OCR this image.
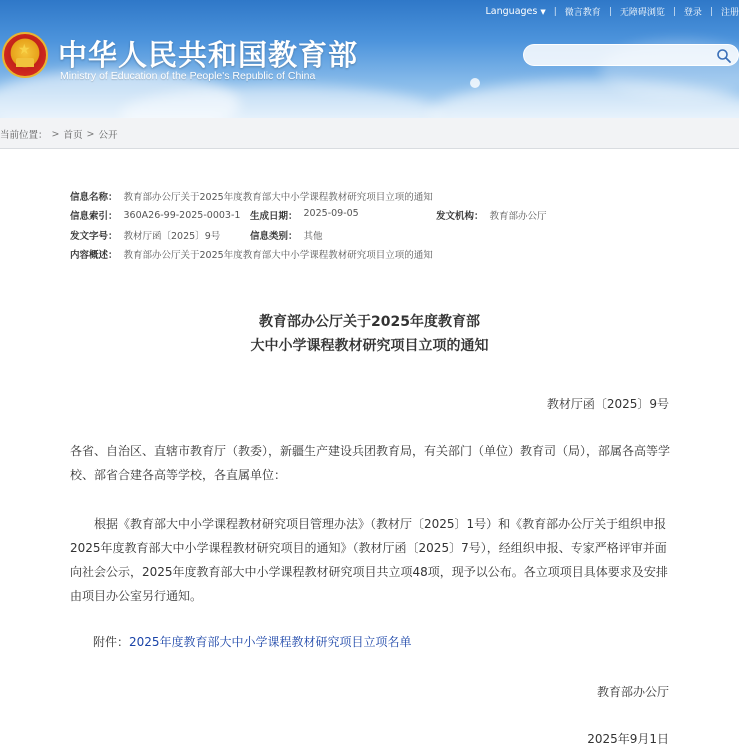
Languages ▼ | 微言教育 | 无障碍浏览 | 登录 | 注册
★ 中华人民共和国教育部
Ministry of Education of the People's Republic of China
当前位置： > 首页 > 公开
信息名称： 教育部办公厅关于2025年度教育部大中小学课程教材研究项目立项的通知
信息索引： 360A26-99-2025-0003-1 生成日期： 2025-09-05	发文机构： 教育部办公厅
发文字号： 教材厅函〔2025〕9号	信息类别： 其他
内容概述： 教育部办公厅关于2025年度教育部大中小学课程教材研究项目立项的通知
教育部办公厅关于2025年度教育部
大中小学课程教材研究项目立项的通知
教材厅函〔2025〕9号
各省、自治区、直辖市教育厅（教委），新疆生产建设兵团教育局，有关部门（单位）教育司（局），部属各高等学校、部省合建各高等学校，各直属单位：
根据《教育部大中小学课程教材研究项目管理办法》（教材厅〔2025〕1号）和《教育部办公厅关于组织申报2025年度教育部大中小学课程教材研究项目的通知》（教材厅函〔2025〕7号），经组织申报、专家严格评审并面向社会公示，2025年度教育部大中小学课程教材研究项目共立项48项，现予以公布。各立项项目具体要求及安排由项目办公室另行通知。
附件：2025年度教育部大中小学课程教材研究项目立项名单
教育部办公厅
2025年9月1日
